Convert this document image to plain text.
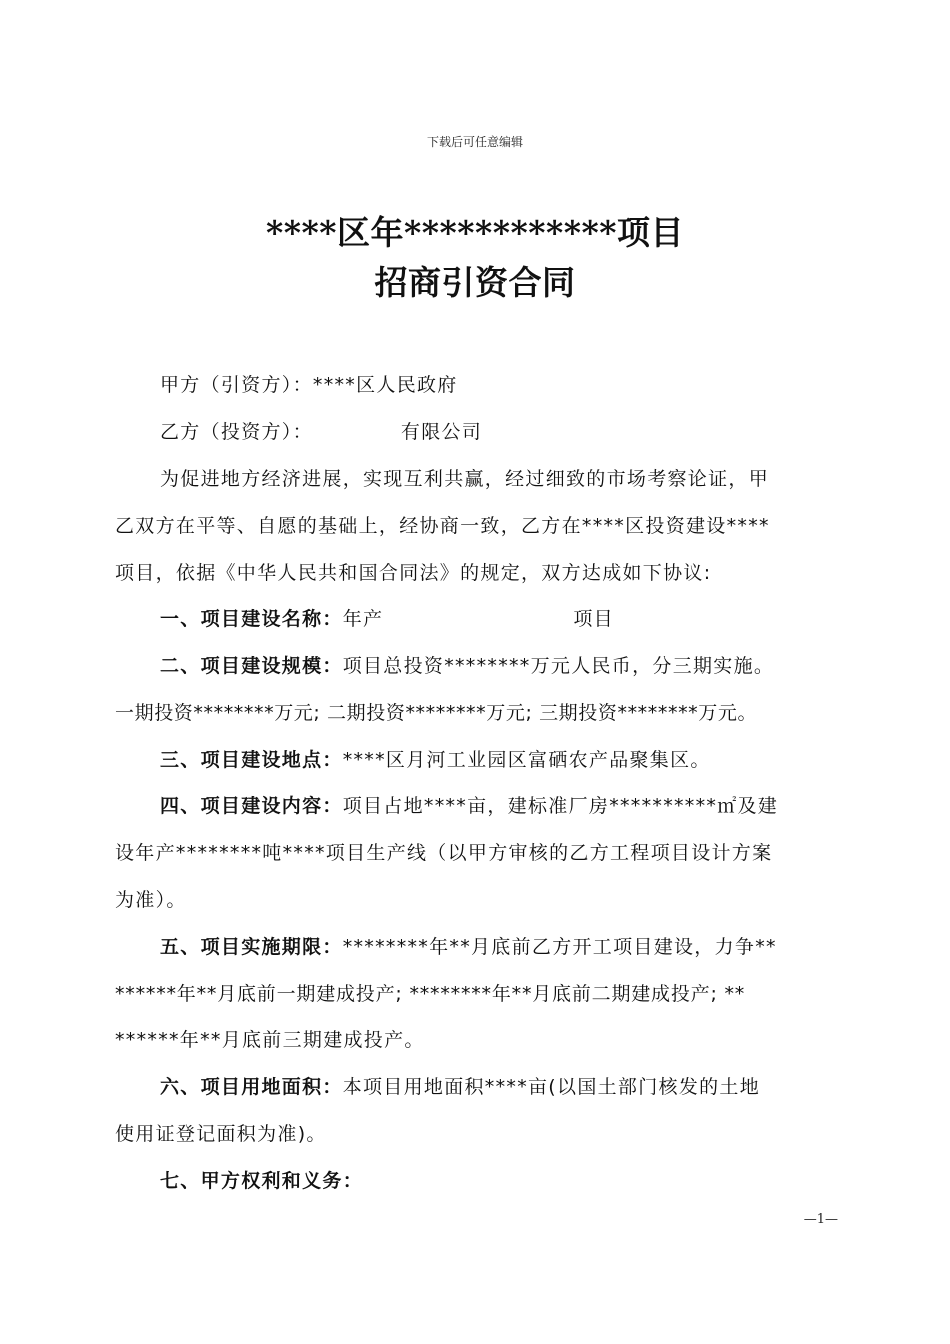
下载后可任意编辑
****区年************项目
招商引资合同
甲方（引资方）：****区人民政府
乙方（投资方）：	有限公司
为促进地方经济进展，实现互利共赢，经过细致的市场考察论证，甲
乙双方在平等、自愿的基础上，经协商一致，乙方在****区投资建设****
项目，依据《中华人民共和国合同法》的规定，双方达成如下协议:
一、项目建设名称：年产	项目
二、项目建设规模：项目总投资********万元人民币，分三期实施。
一期投资********万元; 二期投资********万元; 三期投资********万元。
三、项目建设地点：****区月河工业园区富硒农产品聚集区。
四、项目建设内容：项目占地****亩，建标准厂房**********㎡及建
设年产********吨****项目生产线（以甲方审核的乙方工程项目设计方案
为准）。
五、项目实施期限：********年**月底前乙方开工项目建设，力争**
******年**月底前一期建成投产; ********年**月底前二期建成投产; **
******年**月底前三期建成投产。
六、项目用地面积：本项目用地面积****亩(以国土部门核发的土地
使用证登记面积为准)。
七、甲方权利和义务：
—1—
